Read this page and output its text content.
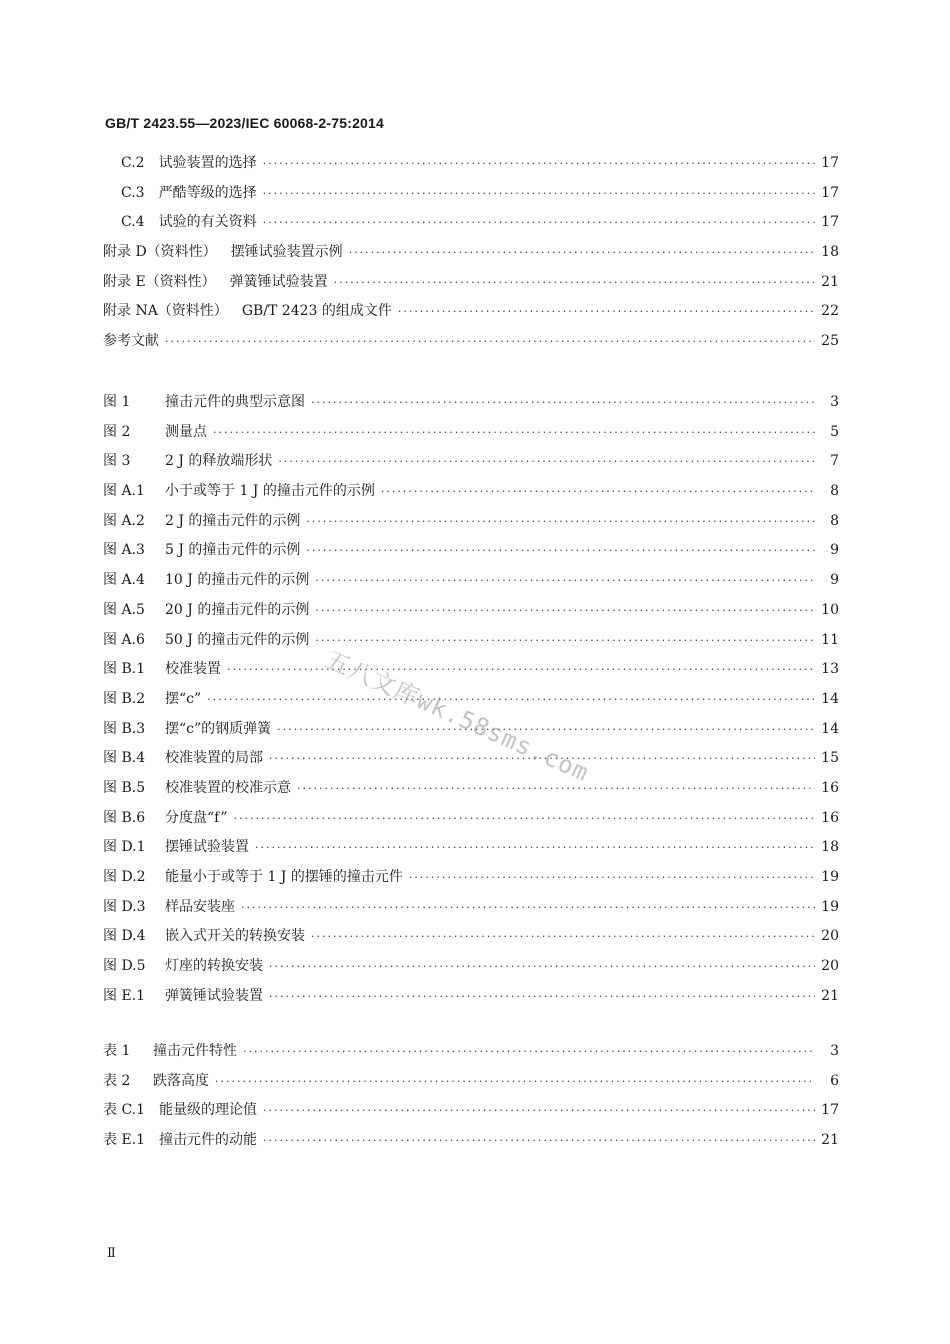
GB/T 2423.55—2023/IEC 60068-2-75:2014
C.2 试验装置的选择 ·····	17
C.3 严酷等级的选择 ·····	17
C.4 试验的有关资料 ·····	17
附录 D（资料性） 摆锤试验装置示例 ·····	18
附录 E（资料性） 弹簧锤试验装置 ·····	21
附录 NA（资料性） GB/T 2423 的组成文件 ·····	22
参考文献 ·····	25
图 1 撞击元件的典型示意图 ·····	3
图 2 测量点 ·····	5
图 3 2 J 的释放端形状 ·····	7
图 A.1 小于或等于 1 J 的撞击元件的示例 ·····	8
图 A.2 2 J 的撞击元件的示例 ·····	8
图 A.3 5 J 的撞击元件的示例 ·····	9
图 A.4 10 J 的撞击元件的示例 ·····	9
图 A.5 20 J 的撞击元件的示例 ·····	10
图 A.6 50 J 的撞击元件的示例 ·····	11
图 B.1 校准装置 ·····	13
图 B.2 摆“c” ·····	14
图 B.3 摆“c”的钢质弹簧 ·····	14
图 B.4 校准装置的局部 ·····	15
图 B.5 校准装置的校准示意 ·····	16
图 B.6 分度盘“f” ·····	16
图 D.1 摆锤试验装置 ·····	18
图 D.2 能量小于或等于 1 J 的摆锤的撞击元件 ·····	19
图 D.3 样品安装座 ·····	19
图 D.4 嵌入式开关的转换安装 ·····	20
图 D.5 灯座的转换安装 ·····	20
图 E.1 弹簧锤试验装置 ·····	21
表 1 撞击元件特性 ·····	3
表 2 跌落高度 ·····	6
表 C.1 能量级的理论值 ·····	17
表 E.1 撞击元件的动能 ·····	21
五八文库wk.58sms.com
Ⅱ
